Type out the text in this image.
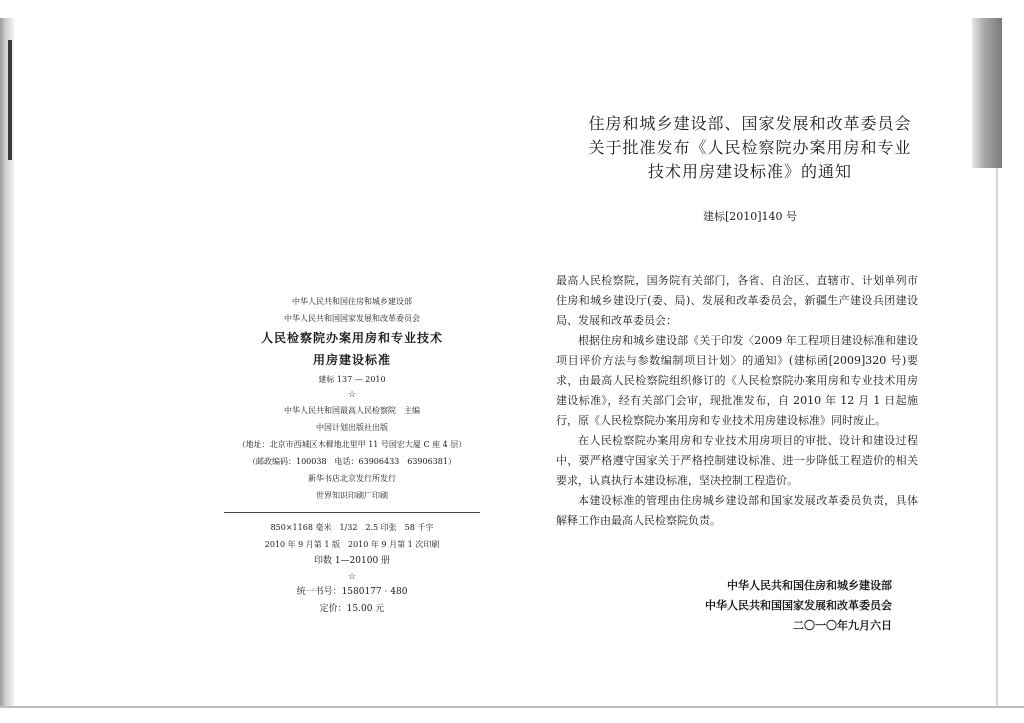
中华人民共和国住房和城乡建设部
中华人民共和国国家发展和改革委员会
人民检察院办案用房和专业技术
用房建设标准
建标 137 — 2010
☆
中华人民共和国最高人民检察院　主编
中国计划出版社出版
（地址：北京市西城区木樨地北里甲 11 号国宏大厦 C 座 4 层）
（邮政编码：100038　电话：63906433　63906381）
新华书店北京发行所发行
世界知识印刷厂印刷
850×1168 毫米　1/32　2.5 印张　58 千字
2010 年 9 月第 1 版　2010 年 9 月第 1 次印刷
印数 1—20100 册
☆
统一书号：1580177 · 480
定价：15.00 元
住房和城乡建设部、国家发展和改革委员会
关于批准发布《人民检察院办案用房和专业
技术用房建设标准》的通知
建标[2010]140 号

最高人民检察院，国务院有关部门，各省、自治区、直辖市、计划单列市住房和城乡建设厅(委、局)、发展和改革委员会，新疆生产建设兵团建设局、发展和改革委员会：

根据住房和城乡建设部《关于印发〈2009 年工程项目建设标准和建设项目评价方法与参数编制项目计划〉的通知》(建标函[2009]320 号)要求，由最高人民检察院组织修订的《人民检察院办案用房和专业技术用房建设标准》，经有关部门会审，现批准发布，自 2010 年 12 月 1 日起施行，原《人民检察院办案用房和专业技术用房建设标准》同时废止。

在人民检察院办案用房和专业技术用房项目的审批、设计和建设过程中，要严格遵守国家关于严格控制建设标准、进一步降低工程造价的相关要求，认真执行本建设标准，坚决控制工程造价。

本建设标准的管理由住房城乡建设部和国家发展改革委员负责，具体解释工作由最高人民检察院负责。

中华人民共和国住房和城乡建设部
中华人民共和国国家发展和改革委员会
二〇一〇年九月六日
